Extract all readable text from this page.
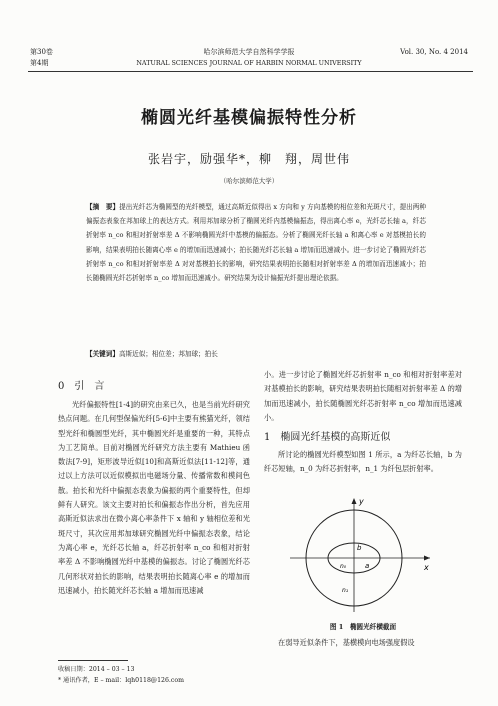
第30卷
第4期
哈尔滨师范大学自然科学学报
NATURAL SCIENCES JOURNAL OF HARBIN NORMAL UNIVERSITY
Vol. 30, No. 4 2014
椭圆光纤基模偏振特性分析
张岩宇，励强华*，柳　翔，周世伟
（哈尔滨师范大学）
【摘　要】提出光纤芯为椭圆型的光纤模型，通过高斯近似得出 x 方向和 y 方向基模的相位差和光斑尺寸，提出两种偏振态表象在邦加球上的表达方式。利用邦加球分析了椭圆光纤内基模偏振态，得出离心率 e，光纤芯长轴 a，纤芯折射率 n_co 和相对折射率差 Δ 不影响椭圆光纤中基模的偏振态。分析了椭圆光纤长轴 a 和离心率 e 对基模拍长的影响，结果表明拍长随离心率 e 的增加而迅速减小；拍长随光纤芯长轴 a 增加而迅速减小。进一步讨论了椭圆光纤芯折射率 n_co 和相对折射率差 Δ 对对基模拍长的影响，研究结果表明拍长随相对折射率差 Δ 的增加而迅速减小；拍长随椭圆光纤芯折射率 n_co 增加而迅速减小。研究结果为设计偏振光纤提出理论依据。
【关键词】高斯近似；相位差；邦加球；拍长
0　 引　言
光纤偏振特性[1-4]的研究由来已久，也是当前光纤研究热点问题。在几何型保偏光纤[5-6]中主要有熊猫光纤，领结型光纤和椭圆型光纤，其中椭圆光纤是重要的一种，其特点为工艺简单。目前对椭圆光纤研究方法主要有 Mathieu 函数法[7-9]，矩形波导近似[10]和高斯近似法[11-12]等，通过以上方法可以近似模拟出电磁场分量、传播常数和模间色散。拍长和光纤中偏振态表象为偏振的两个重要特性，但却鲜有人研究。该文主要对拍长和偏振态作出分析，首先应用高斯近似法求出在微小离心率条件下 x 轴和 y 轴相位差和光斑尺寸，其次应用邦加球研究椭圆光纤中偏振态表象，结论为离心率 e，光纤芯长轴 a，纤芯折射率 n_co 和相对折射率差 Δ 不影响椭圆光纤中基模的偏振态。讨论了椭圆光纤芯几何形状对拍长的影响，结果表明拍长随离心率 e 的增加而迅速减小，拍长随光纤芯长轴 a 增加而迅速减
收稿日期：2014 – 03 – 13
* 通讯作者，E – mail：lqh0118@126.com
小。进一步讨论了椭圆光纤芯折射率 n_co 和相对折射率差对对基模拍长的影响，研究结果表明拍长随相对折射率差 Δ 的增加而迅速减小，拍长随椭圆光纤芯折射率 n_co 增加而迅速减小。
1　 椭圆光纤基模的高斯近似
所讨论的椭圆光纤模型如图 1 所示，a 为纤芯长轴，b 为纤芯短轴，n_0 为纤芯折射率，n_1 为纤包层折射率。
y
x
b
a
n₀
n₁
图 1　椭圆光纤横截面
在弱导近似条件下，基横模向电场强度假设
